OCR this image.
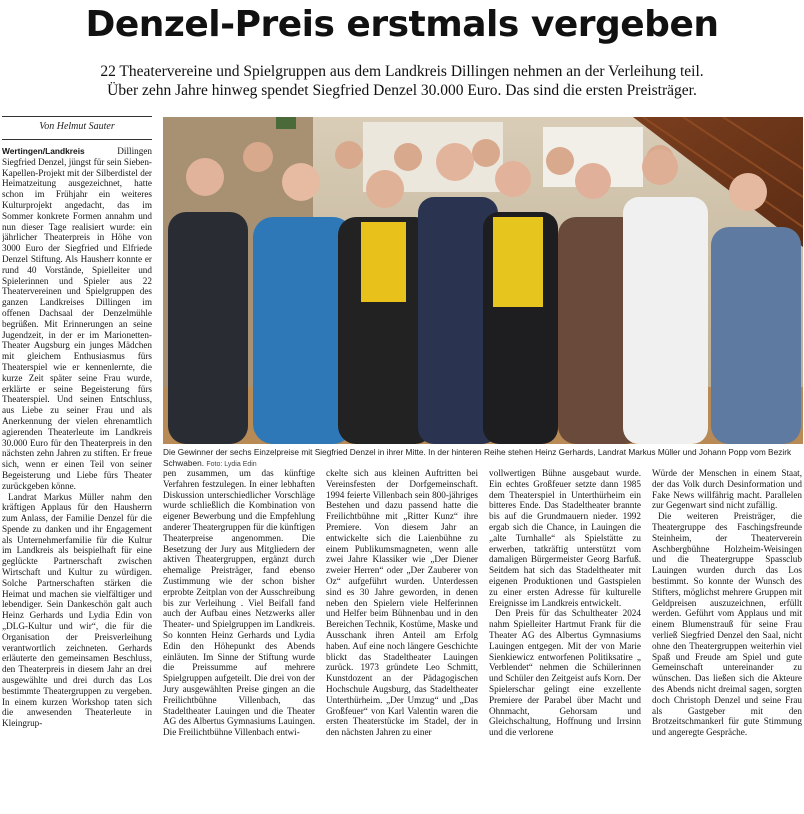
Denzel-Preis erstmals vergeben
22 Theatervereine und Spielgruppen aus dem Landkreis Dillingen nehmen an der Verleihung teil.
Über zehn Jahre hinweg spendet Siegfried Denzel 30.000 Euro. Das sind die ersten Preisträger.
Von Helmut Sauter

Wertingen/Landkreis Dillingen Siegfried Denzel, jüngst für sein Sieben-Kapellen-Projekt mit der Silberdistel der Heimatzeitung ausgezeichnet, hatte schon im Frühjahr ein weiteres Kulturprojekt angedacht, das im Sommer konkrete Formen annahm und nun dieser Tage realisiert wurde: ein jährlicher Theaterpreis in Höhe von 3000 Euro der Siegfried und Elfriede Denzel Stiftung. Als Hausherr konnte er rund 40 Vorstände, Spielleiter und Spielerinnen und Spieler aus 22 Theatervereinen und Spielgruppen des ganzen Landkreises Dillingen im offenen Dachsaal der Denzelmühle begrüßen. Mit Erinnerungen an seine Jugendzeit, in der er im Marionetten-Theater Augsburg ein junges Mädchen mit gleichem Enthusiasmus fürs Theaterspiel wie er kennenlernte, die kurze Zeit später seine Frau wurde, erklärte er seine Begeisterung fürs Theaterspiel. Und seinen Entschluss, aus Liebe zu seiner Frau und als Anerkennung der vielen ehrenamtlich agierenden Theaterleute im Landkreis 30.000 Euro für den Theaterpreis in den nächsten zehn Jahren zu stiften. Er freue sich, wenn er einen Teil von seiner Begeisterung und Liebe fürs Theater zurückgeben könne.

Landrat Markus Müller nahm den kräftigen Applaus für den Hausherrn zum Anlass, der Familie Denzel für die Spende zu danken und ihr Engagement als Unternehmerfamilie für die Kultur im Landkreis als beispielhaft für eine geglückte Partnerschaft zwischen Wirtschaft und Kultur zu würdigen. Solche Partnerschaften stärken die Heimat und machen sie vielfältiger und lebendiger. Sein Dankeschön galt auch Heinz Gerhards und Lydia Edin von „DLG-Kultur und wir“, die für die Organisation der Preisverleihung verantwortlich zeichneten. Gerhards erläuterte den gemeinsamen Beschluss, den Theaterpreis in diesem Jahr an drei ausgewählte und drei durch das Los bestimmte Theatergruppen zu vergeben. In einem kurzen Workshop taten sich die anwesenden Theaterleute in Kleingrup-

Die Gewinner der sechs Einzelpreise mit Siegfried Denzel in ihrer Mitte. In der hinteren Reihe stehen Heinz Gerhards, Landrat Markus Müller und Johann Popp vom Bezirk Schwaben. Foto: Lydia Edin

pen zusammen, um das künftige Verfahren festzulegen. In einer lebhaften Diskussion unterschiedlicher Vorschläge wurde schließlich die Kombination von eigener Bewerbung und die Empfehlung anderer Theatergruppen für die künftigen Theaterpreise angenommen. Die Besetzung der Jury aus Mitgliedern der aktiven Theatergruppen, ergänzt durch ehemalige Preisträger, fand ebenso Zustimmung wie der schon bisher erprobte Zeitplan von der Ausschreibung bis zur Verleihung . Viel Beifall fand auch der Aufbau eines Netzwerks aller Theater- und Spielgruppen im Landkreis. So konnten Heinz Gerhards und Lydia Edin den Höhepunkt des Abends einläuten. Im Sinne der Stiftung wurde die Preissumme auf mehrere Spielgruppen aufgeteilt. Die drei von der Jury ausgewählten Preise gingen an die Freilichtbühne Villenbach, das Stadeltheater Lauingen und die Theater AG des Albertus Gymnasiums Lauingen. Die Freilichtbühne Villenbach entwi-

ckelte sich aus kleinen Auftritten bei Vereinsfesten der Dorfgemeinschaft. 1994 feierte Villenbach sein 800-jähriges Bestehen und dazu passend hatte die Freilichtbühne mit „Ritter Kunz“ ihre Premiere. Von diesem Jahr an entwickelte sich die Laienbühne zu einem Publikumsmagneten, wenn alle zwei Jahre Klassiker wie „Der Diener zweier Herren“ oder „Der Zauberer von Oz“ aufgeführt wurden. Unterdessen sind es 30 Jahre geworden, in denen neben den Spielern viele Helferinnen und Helfer beim Bühnenbau und in den Bereichen Technik, Kostüme, Maske und Ausschank ihren Anteil am Erfolg haben. Auf eine noch längere Geschichte blickt das Stadeltheater Lauingen zurück. 1973 gründete Leo Schmitt, Kunstdozent an der Pädagogischen Hochschule Augsburg, das Stadeltheater Unterthürheim. „Der Umzug“ und „Das Großfeuer“ von Karl Valentin waren die ersten Theaterstücke im Stadel, der in den nächsten Jahren zu einer

vollwertigen Bühne ausgebaut wurde. Ein echtes Großfeuer setzte dann 1985 dem Theaterspiel in Unterthürheim ein bitteres Ende. Das Stadeltheater brannte bis auf die Grundmauern nieder. 1992 ergab sich die Chance, in Lauingen die „alte Turnhalle“ als Spielstätte zu erwerben, tatkräftig unterstützt vom damaligen Bürgermeister Georg Barfuß. Seitdem hat sich das Stadeltheater mit eigenen Produktionen und Gastspielen zu einer ersten Adresse für kulturelle Ereignisse im Landkreis entwickelt.

Den Preis für das Schultheater 2024 nahm Spielleiter Hartmut Frank für die Theater AG des Albertus Gymnasiums Lauingen entgegen. Mit der von Marie Sienkiewicz entworfenen Politiksatire „ Verblendet“ nehmen die Schülerinnen und Schüler den Zeitgeist aufs Korn. Der Spielerschar gelingt eine exzellente Premiere der Parabel über Macht und Ohnmacht, Gehorsam und Gleichschaltung, Hoffnung und Irrsinn und die verlorene

Würde der Menschen in einem Staat, der das Volk durch Desinformation und Fake News willfährig macht. Parallelen zur Gegenwart sind nicht zufällig.

Die weiteren Preisträger, die Theatergruppe des Faschingsfreunde Steinheim, der Theaterverein Aschbergbühne Holzheim-Weisingen und die Theatergruppe Spassclub Lauingen wurden durch das Los bestimmt. So konnte der Wunsch des Stifters, möglichst mehrere Gruppen mit Geldpreisen auszuzeichnen, erfüllt werden. Geführt vom Applaus und mit einem Blumenstrauß für seine Frau verließ Siegfried Denzel den Saal, nicht ohne den Theatergruppen weiterhin viel Spaß und Freude am Spiel und gute Gemeinschaft untereinander zu wünschen. Das ließen sich die Akteure des Abends nicht dreimal sagen, sorgten doch Christoph Denzel und seine Frau als Gastgeber mit den Brotzeitschmankerl für gute Stimmung und angeregte Gespräche.
